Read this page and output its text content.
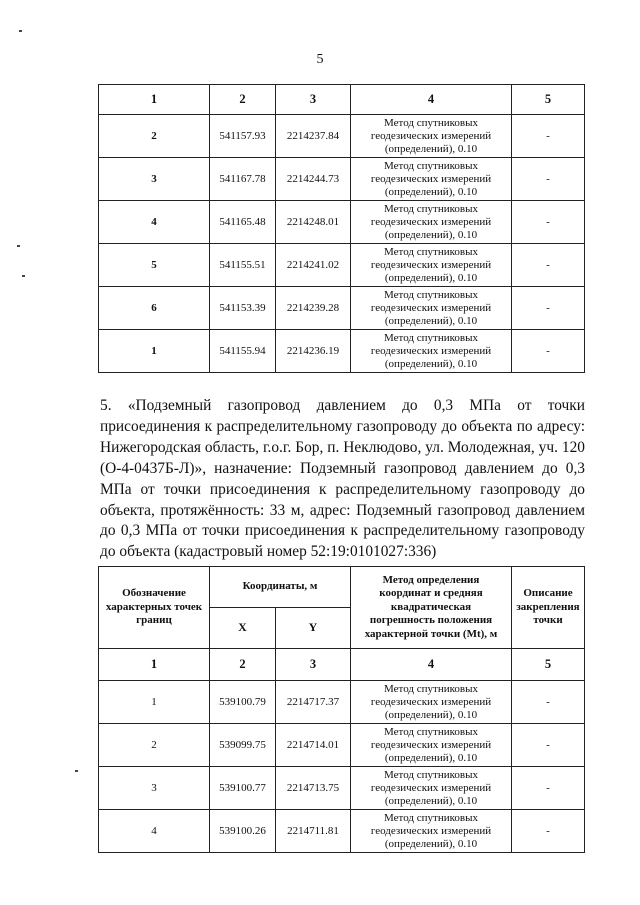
5
1	2	3	4	5
2	541157.93	2214237.84	Метод спутниковых
геодезических измерений
(определений), 0.10	-
3	541167.78	2214244.73	Метод спутниковых
геодезических измерений
(определений), 0.10	-
4	541165.48	2214248.01	Метод спутниковых
геодезических измерений
(определений), 0.10	-
5	541155.51	2214241.02	Метод спутниковых
геодезических измерений
(определений), 0.10	-
6	541153.39	2214239.28	Метод спутниковых
геодезических измерений
(определений), 0.10	-
1	541155.94	2214236.19	Метод спутниковых
геодезических измерений
(определений), 0.10	-
5. «Подземный газопровод давлением до 0,3 МПа от точки присоединения к распределительному газопроводу до объекта по адресу: Нижегородская область, г.о.г. Бор, п. Неклюдово, ул. Молодежная, уч. 120 (О-4-0437Б-Л)», назначение: Подземный газопровод давлением до 0,3 МПа от точки присоединения к распределительному газопроводу до объекта, протяжённость: 33 м, адрес: Подземный газопровод давлением до 0,3 МПа от точки присоединения к распределительному газопроводу до объекта (кадастровый номер 52:19:0101027:336)
Обозначение
характерных точек
границ	Координаты, м		Метод определения
координат и средняя
квадратическая
погрешность положения
характерной точки (Mt), м	Описание
закрепления
точки
	X	Y		
1	2	3	4	5
1	539100.79	2214717.37	Метод спутниковых
геодезических измерений
(определений), 0.10	-
2	539099.75	2214714.01	Метод спутниковых
геодезических измерений
(определений), 0.10	-
3	539100.77	2214713.75	Метод спутниковых
геодезических измерений
(определений), 0.10	-
4	539100.26	2214711.81	Метод спутниковых
геодезических измерений
(определений), 0.10	-
